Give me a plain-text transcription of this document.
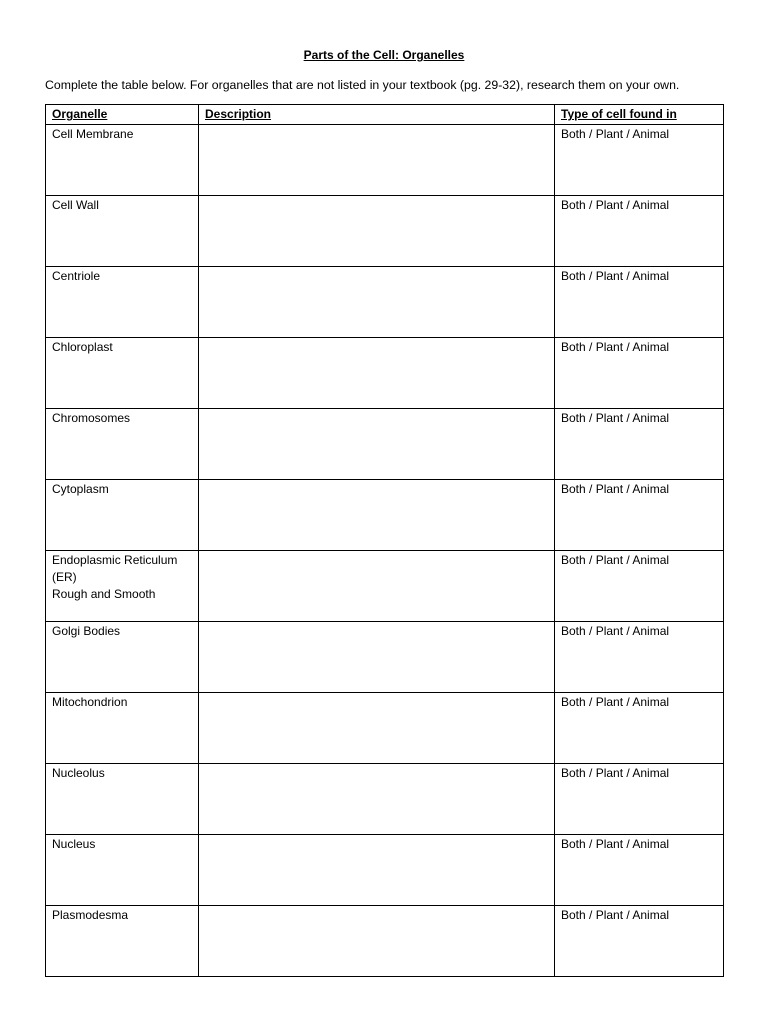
Parts of the Cell: Organelles
Complete the table below. For organelles that are not listed in your textbook (pg. 29-32), research them on your own.
Organelle	Description	Type of cell found in
Cell Membrane		Both / Plant / Animal
Cell Wall		Both / Plant / Animal
Centriole		Both / Plant / Animal
Chloroplast		Both / Plant / Animal
Chromosomes		Both / Plant / Animal
Cytoplasm		Both / Plant / Animal
Endoplasmic Reticulum (ER)
Rough and Smooth		Both / Plant / Animal
Golgi Bodies		Both / Plant / Animal
Mitochondrion		Both / Plant / Animal
Nucleolus		Both / Plant / Animal
Nucleus		Both / Plant / Animal
Plasmodesma		Both / Plant / Animal
